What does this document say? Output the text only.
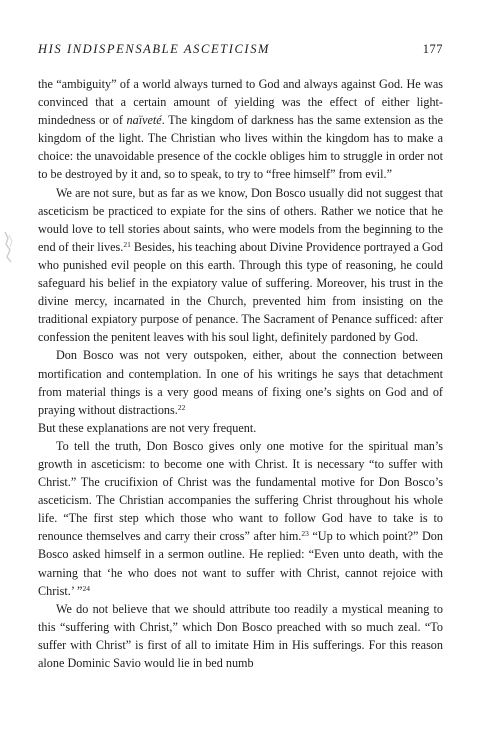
HIS INDISPENSABLE ASCETICISM	177

the “ambiguity” of a world always turned to God and always against God. He was convinced that a certain amount of yielding was the effect of either light-mindedness or of naïveté. The kingdom of darkness has the same extension as the kingdom of the light. The Christian who lives within the kingdom has to make a choice: the unavoidable presence of the cockle obliges him to struggle in order not to be destroyed by it and, so to speak, to try to “free himself” from evil.”

We are not sure, but as far as we know, Don Bosco usually did not suggest that asceticism be practiced to expiate for the sins of others. Rather we notice that he would love to tell stories about saints, who were models from the beginning to the end of their lives.$^{21}$ Besides, his teaching about Divine Providence portrayed a God who punished evil people on this earth. Through this type of reasoning, he could safeguard his belief in the expiatory value of suffering. Moreover, his trust in the divine mercy, incarnated in the Church, prevented him from insisting on the traditional expiatory purpose of penance. The Sacrament of Penance sufficed: after confession the penitent leaves with his soul light, definitely pardoned by God.

Don Bosco was not very outspoken, either, about the connection between mortification and contemplation. In one of his writings he says that detachment from material things is a very good means of fixing one’s sights on God and of praying without distractions.$^{22}$

But these explanations are not very frequent.

To tell the truth, Don Bosco gives only one motive for the spiritual man’s growth in asceticism: to become one with Christ. It is necessary “to suffer with Christ.” The crucifixion of Christ was the fundamental motive for Don Bosco’s asceticism. The Christian accompanies the suffering Christ throughout his whole life. “The first step which those who want to follow God have to take is to renounce themselves and carry their cross” after him.$^{23}$ “Up to which point?” Don Bosco asked himself in a sermon outline. He replied: “Even unto death, with the warning that ‘he who does not want to suffer with Christ, cannot rejoice with Christ.’ ”$^{24}$

We do not believe that we should attribute too readily a mystical meaning to this “suffering with Christ,” which Don Bosco preached with so much zeal. “To suffer with Christ” is first of all to imitate Him in His sufferings. For this reason alone Dominic Savio would lie in bed numb
